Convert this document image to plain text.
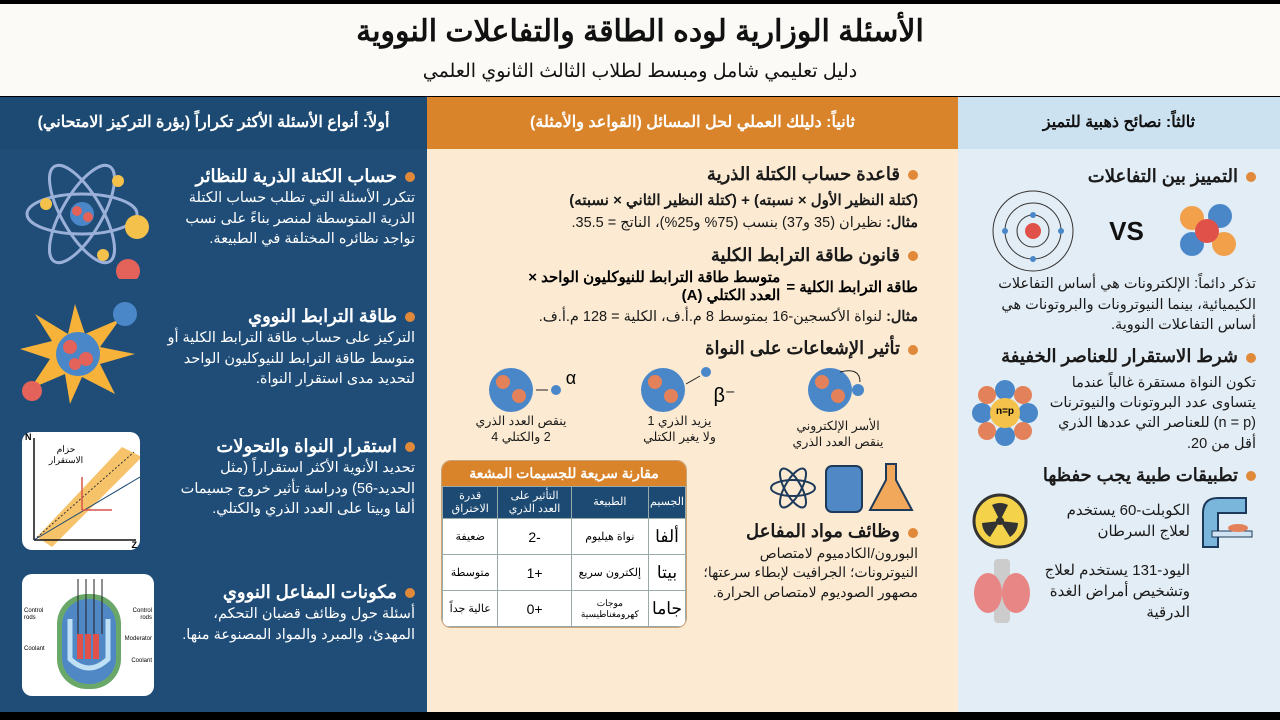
الأسئلة الوزارية لوده الطاقة والتفاعلات النووية
دليل تعليمي شامل ومبسط لطلاب الثالث الثانوي العلمي
أولاً: أنواع الأسئلة الأكثر تكراراً (بؤرة التركيز الامتحاني)	ثانياً: دليلك العملي لحل المسائل (القواعد والأمثلة)	ثالثاً: نصائح ذهبية للتميز
N
Z
حزام الاستقرار
Control rods
Control rods
Coolant
Moderator
Coolant
حساب الكتلة الذرية للنظائر
تتكرر الأسئلة التي تطلب حساب الكتلة الذرية المتوسطة لمنصر بناءً على نسب تواجد نظائره المختلفة في الطبيعة.
طاقة الترابط النووي
التركيز على حساب طاقة الترابط الكلية أو متوسط طاقة الترابط للنيوكليون الواحد لتحديد مدى استقرار النواة.
استقرار النواة والتحولات
تحديد الأنوية الأكثر استقراراً (مثل الحديد-56) ودراسة تأثير خروج جسيمات ألفا وبيتا على العدد الذري والكتلي.
مكونات المفاعل النووي
أسئلة حول وظائف قضبان التحكم، المهدئ، والمبرد والمواد المصنوعة منها.
قاعدة حساب الكتلة الذرية
(كتلة النظير الأول × نسبته) + (كتلة النظير الثاني × نسبته)
مثال: نظيران (35 و37) بنسب (75% و25%)، الناتج = 35.5.
قانون طاقة الترابط الكلية
طاقة الترابط الكلية =
متوسط طاقة الترابط للنيوكليون الواحد ×
العدد الكتلي (A)
مثال: لنواة الأكسجين-16 بمتوسط 8 م.أ.ف، الكلية = 128 م.أ.ف.
تأثير الإشعاعات على النواة
الأسر الإلكتروني
ينقص العدد الذري
β⁻
يزيد الذري 1
ولا يغير الكتلي
α
ينقص العدد الذري
2 والكتلي 4
مقارنة سريعة للجسيمات المشعة
الجسيم	الطبيعة	التأثير على العدد الذري	قدرة الاختراق
ألفا	نواة هيليوم	-2	ضعيفة
بيتا	إلكترون سريع	+1	متوسطة
جاما	موجات كهرومغناطيسية	+0	عالية جداً
وظائف مواد المفاعل
البورون/الكادميوم لامتصاص النيوترونات؛ الجرافيت لإبطاء سرعتها؛ مصهور الصوديوم لامتصاص الحرارة.
التمييز بين التفاعلات
VS
تذكر دائماً: الإلكترونات هي أساس التفاعلات الكيميائية، بينما النيوترونات والبروتونات هي أساس التفاعلات النووية.
شرط الاستقرار للعناصر الخفيفة
تكون النواة مستقرة غالباً عندما يتساوى عدد البروتونات والنيوترنات (n = p) للعناصر التي عددها الذري أقل من 20.
n=p
تطبيقات طبية يجب حفظها
الكوبلت-60 يستخدم لعلاج السرطان
اليود-131 يستخدم لعلاج وتشخيص أمراض الغدة الدرقية
